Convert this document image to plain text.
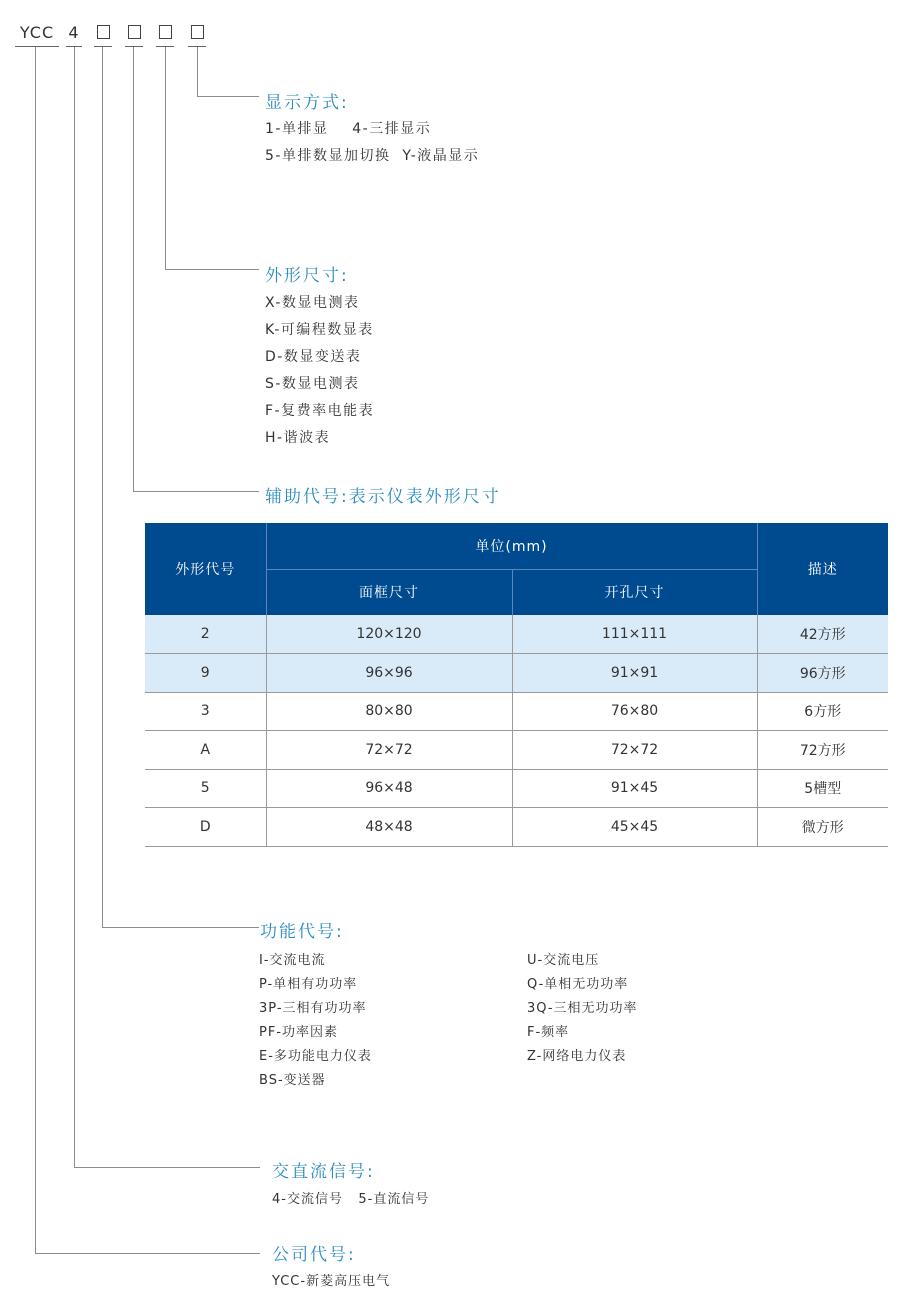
YCC 4
显示方式:
1-单排显    4-三排显示
5-单排数显加切换  Y-液晶显示
外形尺寸:
X-数显电测表
K-可编程数显表
D-数显变送表
S-数显电测表
F-复费率电能表
H-谐波表
辅助代号:表示仪表外形尺寸
外形代号	单位(mm)		描述
	面框尺寸	开孔尺寸	
2	120×120	111×111	42方形
9	96×96	91×91	96方形
3	80×80	76×80	6方形
A	72×72	72×72	72方形
5	96×48	91×45	5槽型
D	48×48	45×45	微方形
功能代号:
I-交流电流
P-单相有功功率
3P-三相有功功率
PF-功率因素
E-多功能电力仪表
BS-变送器
U-交流电压
Q-单相无功功率
3Q-三相无功功率
F-频率
Z-网络电力仪表
交直流信号:
4-交流信号   5-直流信号
公司代号:
YCC-新菱高压电气
